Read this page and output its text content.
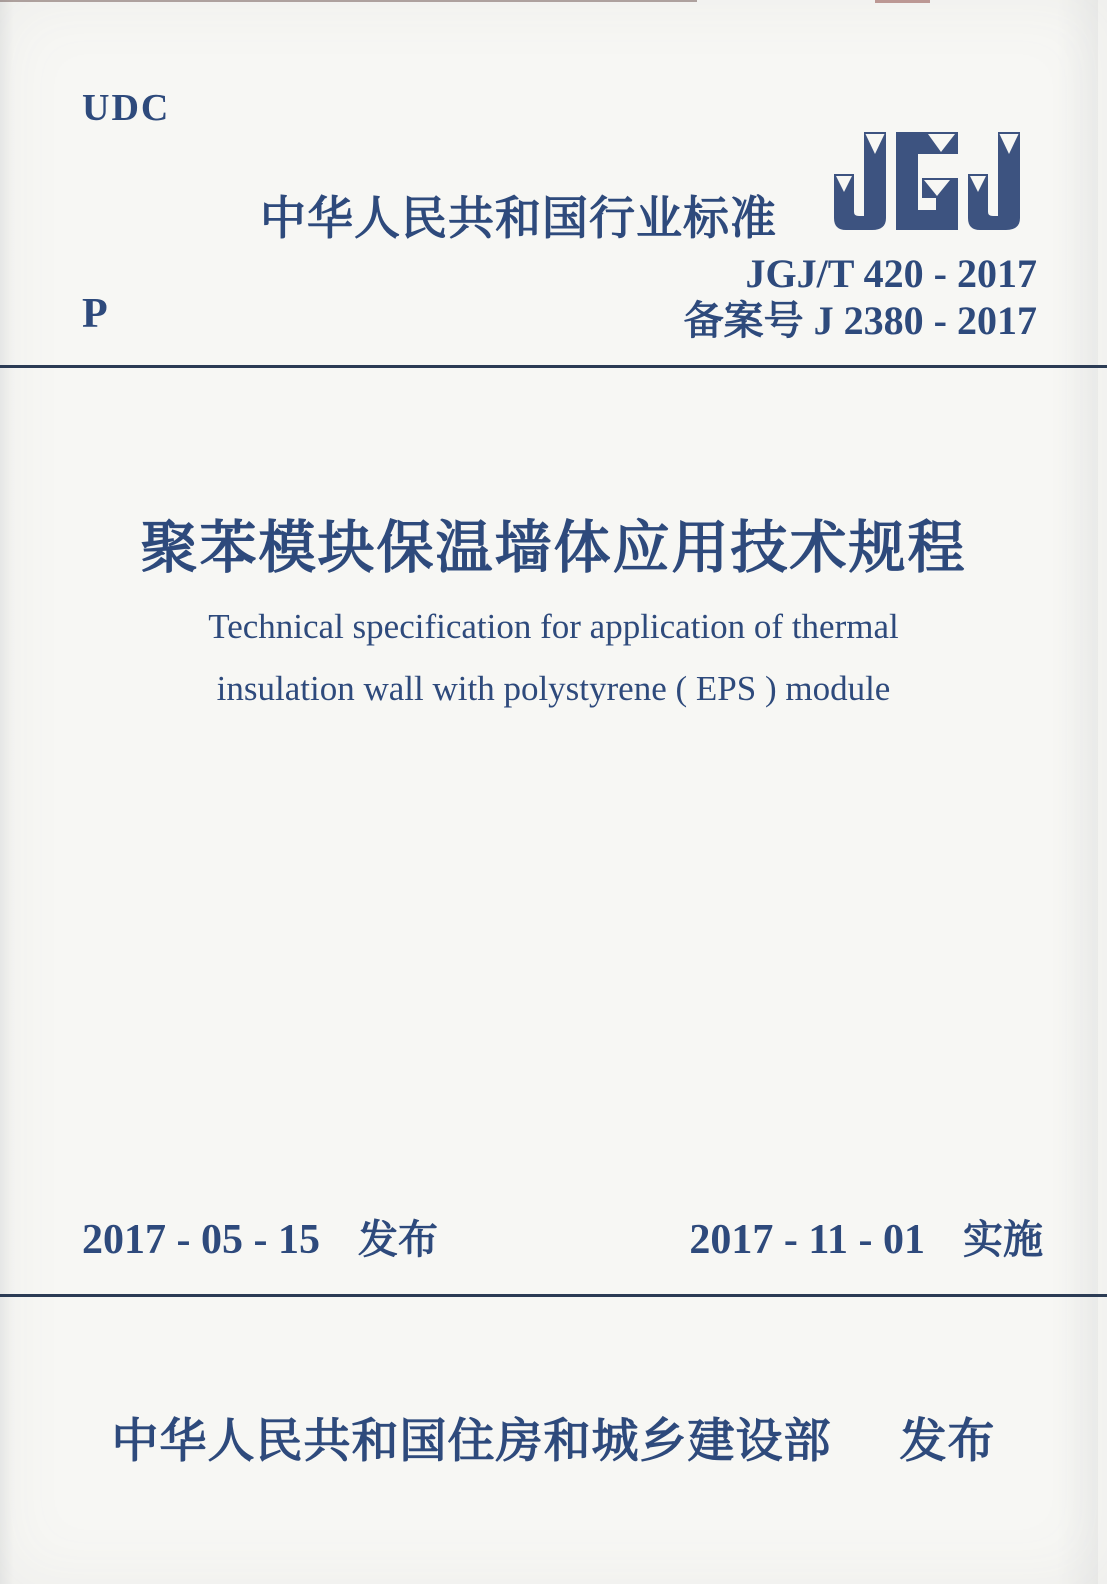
UDC
中华人民共和国行业标准
JGJ/T 420 - 2017
备案号 J 2380 - 2017
P
聚苯模块保温墙体应用技术规程
Technical specification for application of thermal
insulation wall with polystyrene ( EPS ) module
2017 - 05 - 15 发布	2017 - 11 - 01 实施
中华人民共和国住房和城乡建设部 发布
